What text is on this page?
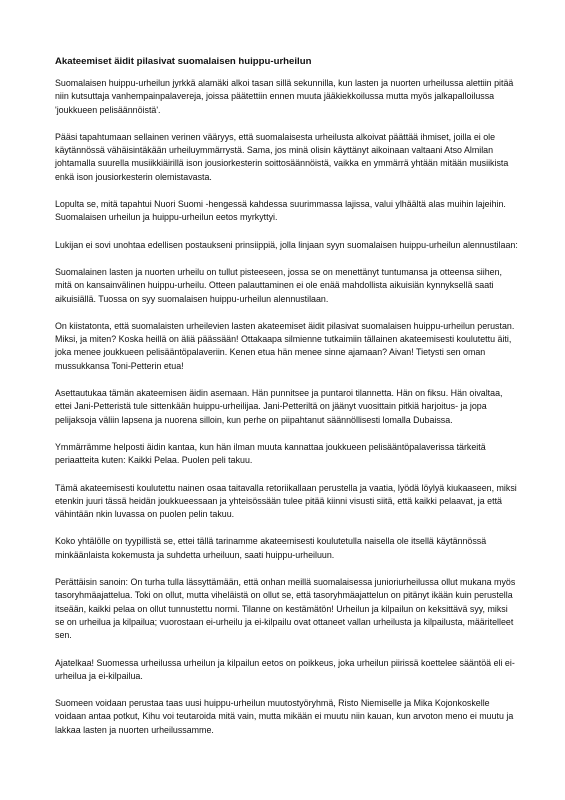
Akateemiset äidit pilasivat suomalaisen huippu-urheilun

Suomalaisen huippu-urheilun jyrkkä alamäki alkoi tasan sillä sekunnilla, kun lasten ja nuorten urheilussa alettiin pitää niin kutsuttaja vanhempainpalavereja, joissa päätettiin ennen muuta jääkiekkoilussa mutta myös jalkapalloilussa 'joukkueen pelisäännöistä'.

Pääsi tapahtumaan sellainen verinen vääryys, että suomalaisesta urheilusta alkoivat päättää ihmiset, joilla ei ole käytännössä vähäisintäkään urheiluymmärrystä. Sama, jos minä olisin käyttänyt aikoinaan valtaani Atso Almilan johtamalla suurella musiikkiäirillä ison jousiorkesterin soittosäännöistä, vaikka en ymmärrä yhtään mitään musiikista enkä ison jousiorkesterin olemistavasta.

Lopulta se, mitä tapahtui Nuori Suomi -hengessä kahdessa suurimmassa lajissa, valui ylhäältä alas muihin lajeihin. Suomalaisen urheilun ja huippu-urheilun eetos myrkyttyi.

Lukijan ei sovi unohtaa edellisen postaukseni prinsiippiä, jolla linjaan syyn suomalaisen huippu-urheilun alennustilaan:

Suomalainen lasten ja nuorten urheilu on tullut pisteeseen, jossa se on menettänyt tuntumansa ja otteensa siihen, mitä on kansainvälinen huippu-urheilu. Otteen palauttaminen ei ole enää mahdollista aikuisiän kynnyksellä saati aikuisiällä. Tuossa on syy suomalaisen huippu-urheilun alennustilaan.

On kiistatonta, että suomalaisten urheilevien lasten akateemiset äidit pilasivat suomalaisen huippu-urheilun perustan. Miksi, ja miten? Koska heillä on äliä päässään! Ottakaapa silmienne tutkaimiin tällainen akateemisesti koulutettu äiti, joka menee joukkueen pelisääntöpalaveriin. Kenen etua hän menee sinne ajamaan? Aivan! Tietysti sen oman mussukkansa Toni-Petterin etua!

Asettautukaa tämän akateemisen äidin asemaan. Hän punnitsee ja puntaroi tilannetta. Hän on fiksu. Hän oivaltaa, ettei Jani-Petteristä tule sittenkään huippu-urheilijaa. Jani-Petteriltä on jäänyt vuosittain pitkiä harjoitus- ja jopa pelijaksoja väliin lapsena ja nuorena silloin, kun perhe on piipahtanut säännöllisesti lomalla Dubaissa.

Ymmärrämme helposti äidin kantaa, kun hän ilman muuta kannattaa joukkueen pelisääntöpalaverissa tärkeitä periaatteita kuten: Kaikki Pelaa. Puolen peli takuu.

Tämä akateemisesti koulutettu nainen osaa taitavalla retoriikallaan perustella ja vaatia, lyödä löylyä kiukaaseen, miksi etenkin juuri tässä heidän joukkueessaan ja yhteisössään tulee pitää kiinni visusti siitä, että kaikki pelaavat, ja että vähintään nkin luvassa on puolen pelin takuu.

Koko yhtälölle on tyypillistä se, ettei tällä tarinamme akateemisesti koulutetulla naisella ole itsellä käytännössä minkäänlaista kokemusta ja suhdetta urheiluun, saati huippu-urheiluun.

Perättäisin sanoin: On turha tulla lässyttämään, että onhan meillä suomalaisessa junioriurheilussa ollut mukana myös tasoryhmäajattelua. Toki on ollut, mutta viheläistä on ollut se, että tasoryhmäajattelun on pitänyt ikään kuin perustella itseään, kaikki pelaa on ollut tunnustettu normi. Tilanne on kestämätön! Urheilun ja kilpailun on keksittävä syy, miksi se on urheilua ja kilpailua; vuorostaan ei-urheilu ja ei-kilpailu ovat ottaneet vallan urheilusta ja kilpailusta, määritelleet sen.

Ajatelkaa! Suomessa urheilussa urheilun ja kilpailun eetos on poikkeus, joka urheilun piirissä koettelee sääntöä eli ei-urheilua ja ei-kilpailua.

Suomeen voidaan perustaa taas uusi huippu-urheilun muutostyöryhmä, Risto Niemiselle ja Mika Kojonkoskelle voidaan antaa potkut, Kihu voi teutaroida mitä vain, mutta mikään ei muutu niin kauan, kun arvoton meno ei muutu ja lakkaa lasten ja nuorten urheilussamme.
